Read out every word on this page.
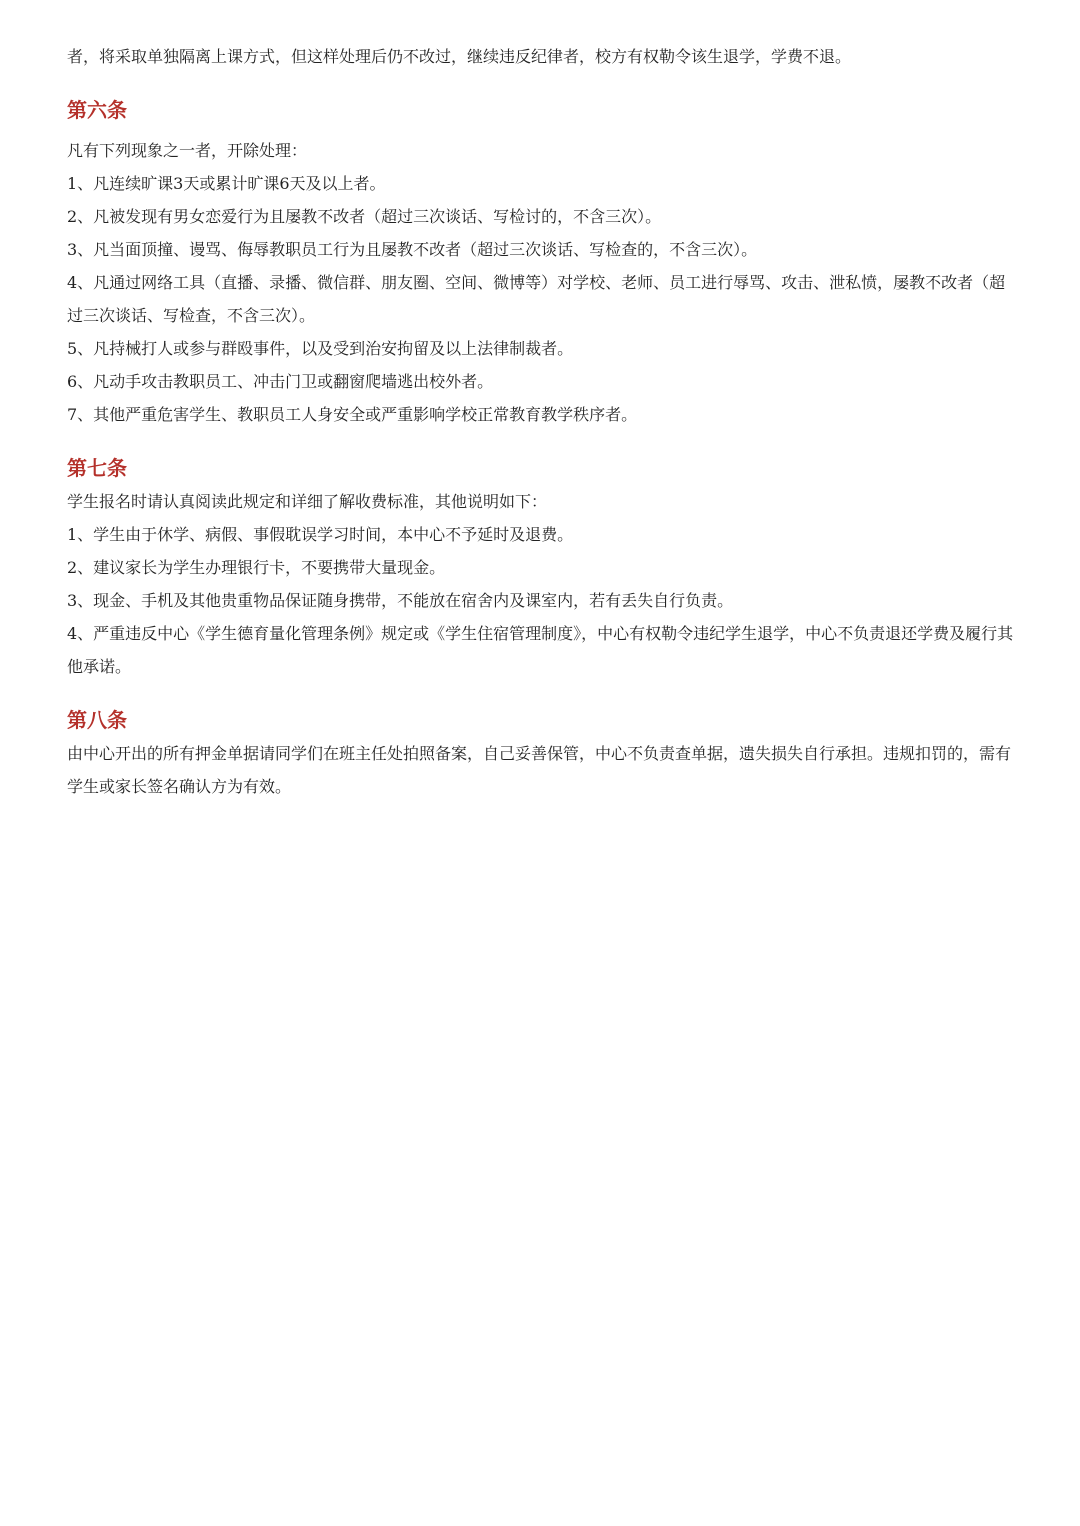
者，将采取单独隔离上课方式，但这样处理后仍不改过，继续违反纪律者，校方有权勒令该生退学，学费不退。

第六条

凡有下列现象之一者，开除处理：

1、凡连续旷课3天或累计旷课6天及以上者。

2、凡被发现有男女恋爱行为且屡教不改者（超过三次谈话、写检讨的，不含三次）。

3、凡当面顶撞、谩骂、侮辱教职员工行为且屡教不改者（超过三次谈话、写检查的，不含三次）。

4、凡通过网络工具（直播、录播、微信群、朋友圈、空间、微博等）对学校、老师、员工进行辱骂、攻击、泄私愤，屡教不改者（超过三次谈话、写检查，不含三次）。

5、凡持械打人或参与群殴事件，以及受到治安拘留及以上法律制裁者。

6、凡动手攻击教职员工、冲击门卫或翻窗爬墙逃出校外者。

7、其他严重危害学生、教职员工人身安全或严重影响学校正常教育教学秩序者。

第七条

学生报名时请认真阅读此规定和详细了解收费标准，其他说明如下：

1、学生由于休学、病假、事假耽误学习时间，本中心不予延时及退费。

2、建议家长为学生办理银行卡，不要携带大量现金。

3、现金、手机及其他贵重物品保证随身携带，不能放在宿舍内及课室内，若有丢失自行负责。

4、严重违反中心《学生德育量化管理条例》规定或《学生住宿管理制度》，中心有权勒令违纪学生退学，中心不负责退还学费及履行其他承诺。

第八条

由中心开出的所有押金单据请同学们在班主任处拍照备案，自己妥善保管，中心不负责查单据，遗失损失自行承担。违规扣罚的，需有学生或家长签名确认方为有效。
